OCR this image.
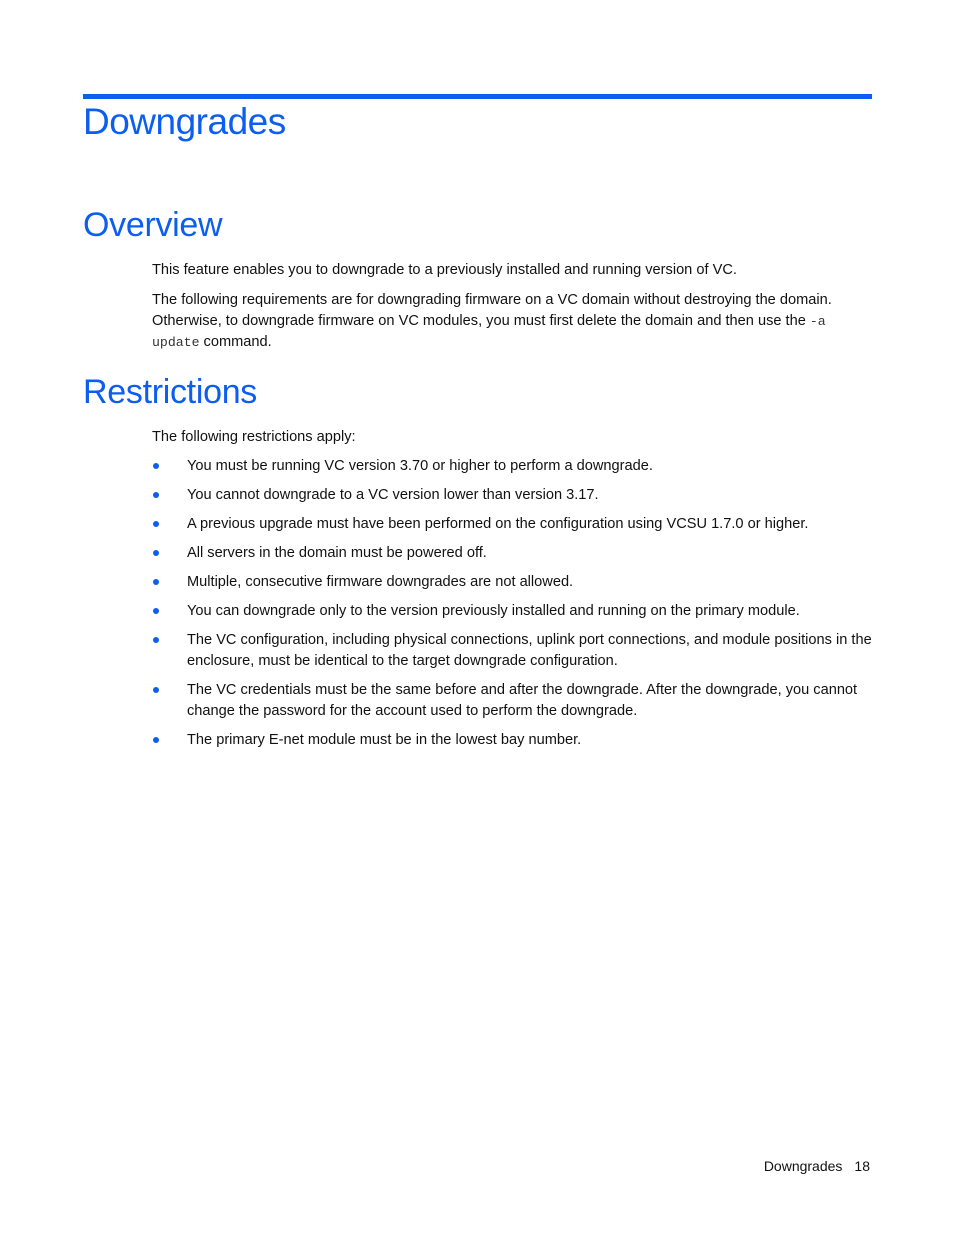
Downgrades
Overview

This feature enables you to downgrade to a previously installed and running version of VC.

The following requirements are for downgrading firmware on a VC domain without destroying the domain.
Otherwise, to downgrade firmware on VC modules, you must first delete the domain and then use the -a update command.

Restrictions

The following restrictions apply:

You must be running VC version 3.70 or higher to perform a downgrade.
You cannot downgrade to a VC version lower than version 3.17.
A previous upgrade must have been performed on the configuration using VCSU 1.7.0 or higher.
All servers in the domain must be powered off.
Multiple, consecutive firmware downgrades are not allowed.
You can downgrade only to the version previously installed and running on the primary module.
The VC configuration, including physical connections, uplink port connections, and module positions in the enclosure, must be identical to the target downgrade configuration.
The VC credentials must be the same before and after the downgrade. After the downgrade, you cannot change the password for the account used to perform the downgrade.
The primary E-net module must be in the lowest bay number.
Downgrades 18
